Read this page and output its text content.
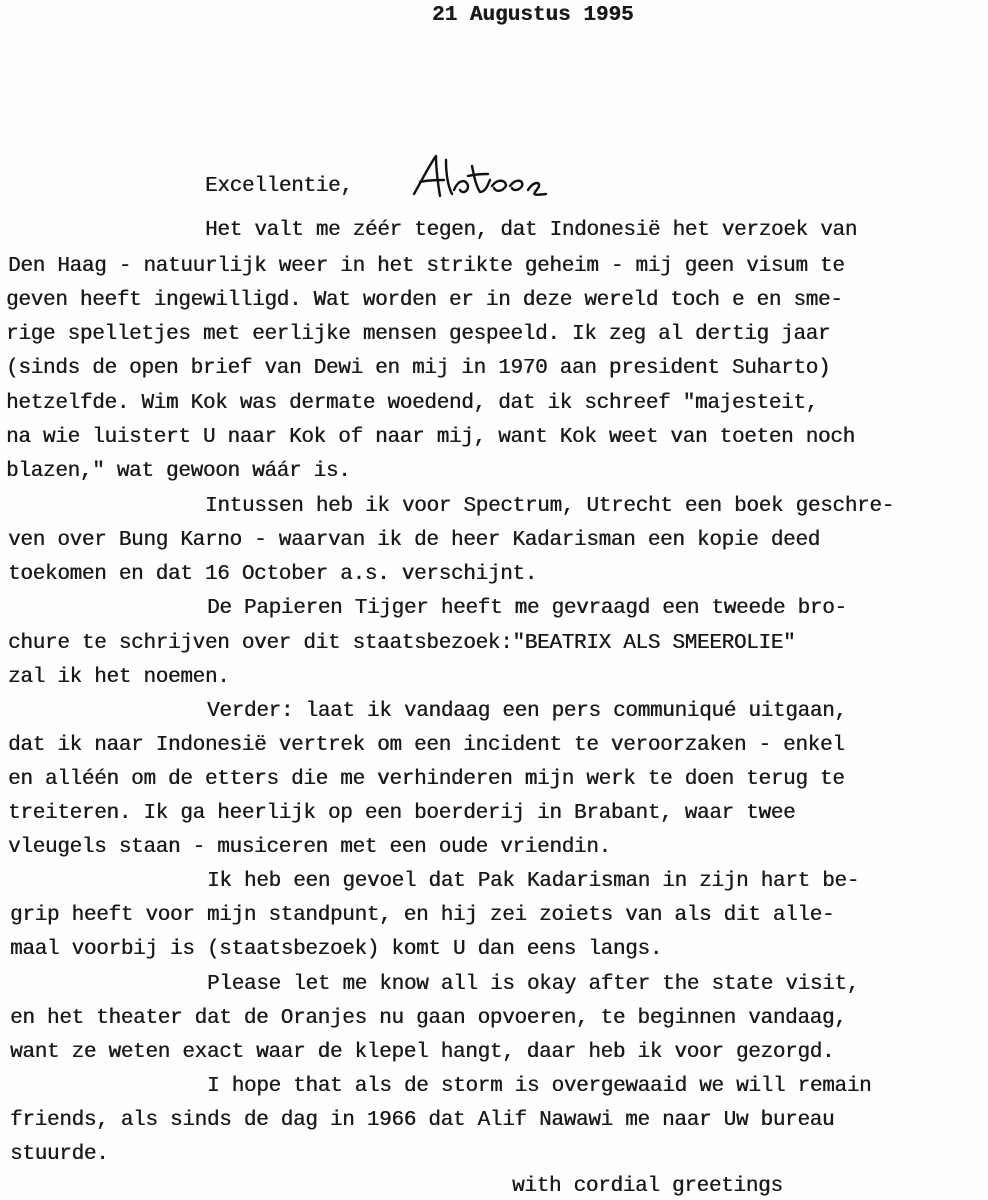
21 Augustus 1995
Excellentie,
Het valt me zéér tegen, dat Indonesië het verzoek van
Den Haag - natuurlijk weer in het strikte geheim - mij geen visum te
geven heeft ingewilligd. Wat worden er in deze wereld toch e en sme-
rige spelletjes met eerlijke mensen gespeeld. Ik zeg al dertig jaar
(sinds de open brief van Dewi en mij in 1970 aan president Suharto)
hetzelfde. Wim Kok was dermate woedend, dat ik schreef "majesteit,
na wie luistert U naar Kok of naar mij, want Kok weet van toeten noch
blazen," wat gewoon wáár is.
Intussen heb ik voor Spectrum, Utrecht een boek geschre-
ven over Bung Karno - waarvan ik de heer Kadarisman een kopie deed
toekomen en dat 16 October a.s. verschijnt.
De Papieren Tijger heeft me gevraagd een tweede bro-
chure te schrijven over dit staatsbezoek:"BEATRIX ALS SMEEROLIE"
zal ik het noemen.
Verder: laat ik vandaag een pers communiqué uitgaan,
dat ik naar Indonesië vertrek om een incident te veroorzaken - enkel
en alléén om de etters die me verhinderen mijn werk te doen terug te
treiteren. Ik ga heerlijk op een boerderij in Brabant, waar twee
vleugels staan - musiceren met een oude vriendin.
Ik heb een gevoel dat Pak Kadarisman in zijn hart be-
grip heeft voor mijn standpunt, en hij zei zoiets van als dit alle-
maal voorbij is (staatsbezoek) komt U dan eens langs.
Please let me know all is okay after the state visit,
en het theater dat de Oranjes nu gaan opvoeren, te beginnen vandaag,
want ze weten exact waar de klepel hangt, daar heb ik voor gezorgd.
I hope that als de storm is overgewaaid we will remain
friends, als sinds de dag in 1966 dat Alif Nawawi me naar Uw bureau
stuurde.
with cordial greetings
